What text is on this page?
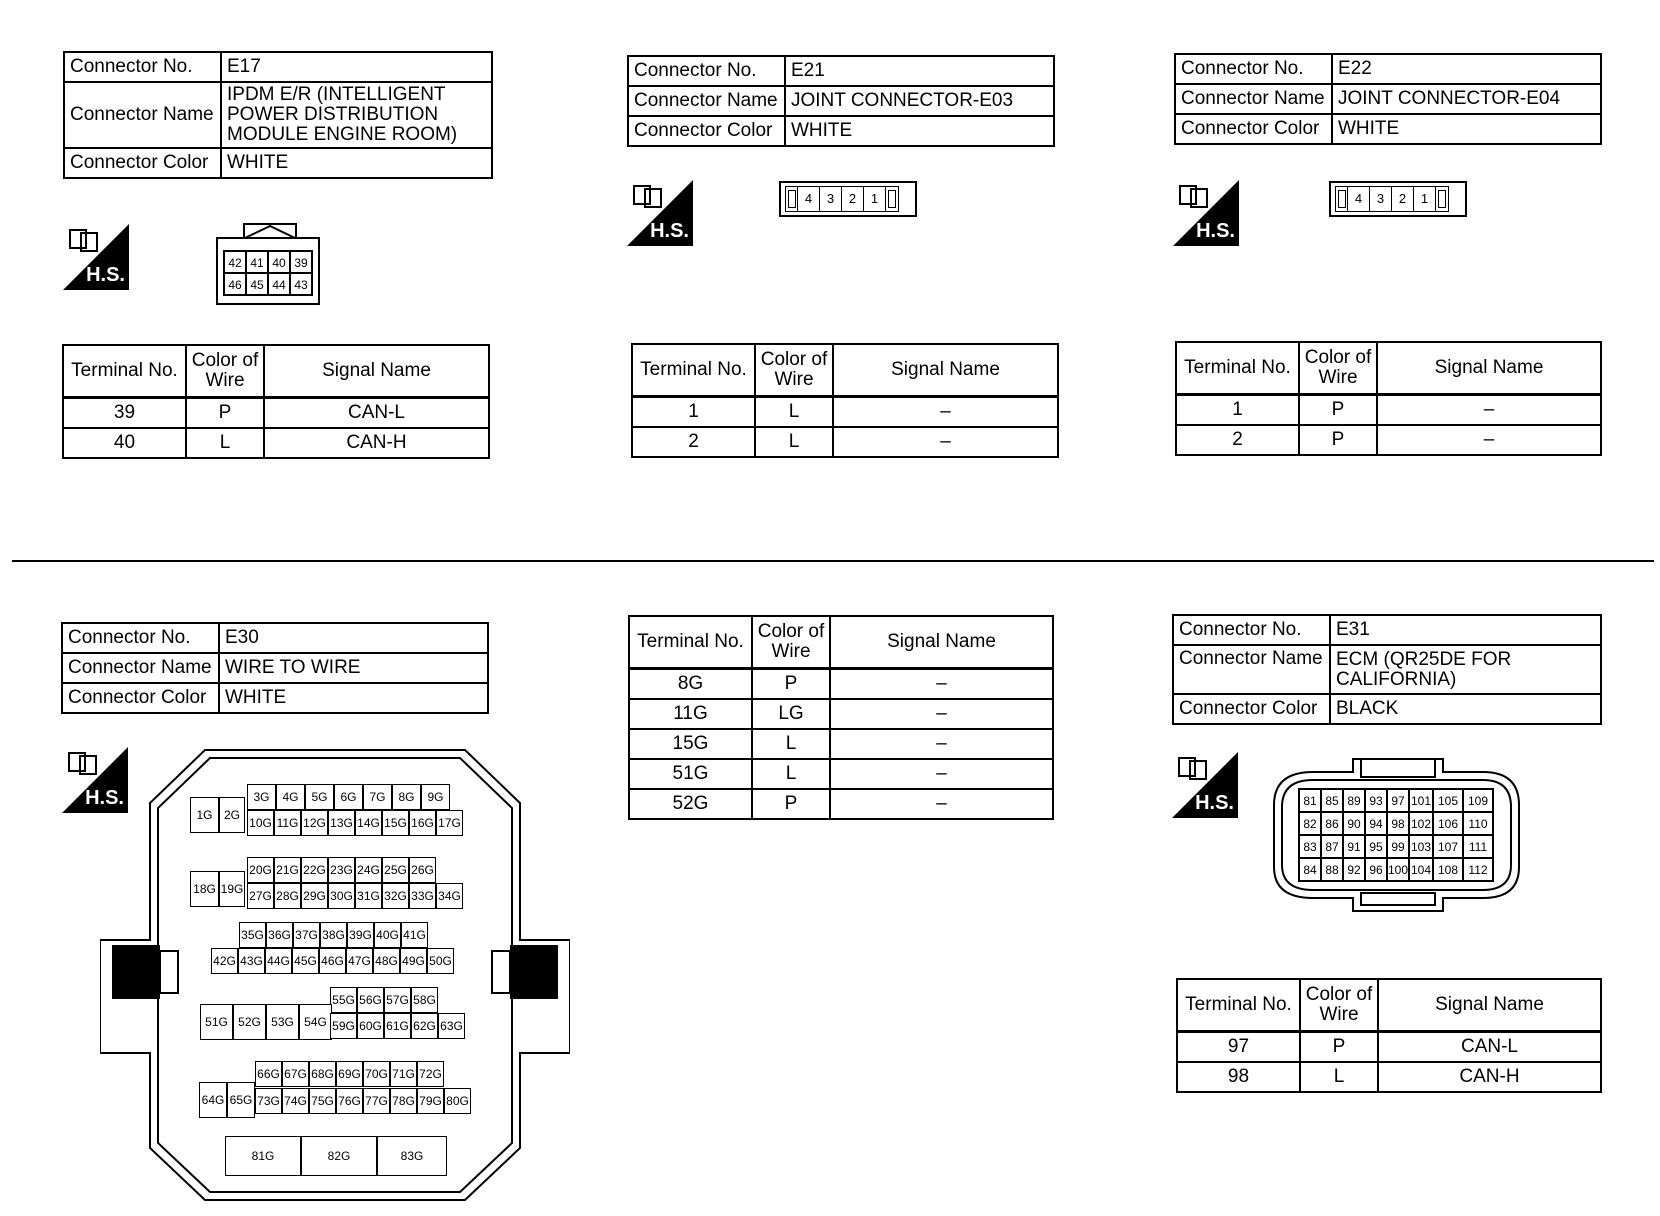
Connector No.	E17
Connector Name	IPDM E/R (INTELLIGENT
POWER DISTRIBUTION
MODULE ENGINE ROOM)

Connector Color	WHITE
H.S.
42 41 40 39
46 45 44 43
Terminal No.	Color of Wire	Signal Name
39	P	CAN-L
40	L	CAN-H
Connector No.	E21
Connector Name	JOINT CONNECTOR-E03
Connector Color	WHITE
H.S.
4	3	2	1
Terminal No.	Color of Wire	Signal Name
1	L	–
2	L	–
Connector No.	E22
Connector Name	JOINT CONNECTOR-E04
Connector Color	WHITE
H.S.
4	3	2	1
Terminal No.	Color of Wire	Signal Name
1	P	–
2	P	–
Connector No.	E30
Connector Name	WIRE TO WIRE
Connector Color	WHITE
H.S.	3G	4G	5G	6G	7G	8G	9G
1G 2G
10G 11G 12G 13G 14G 15G 16G 17G
20G 21G 22G 23G 24G 25G 26G
18G 19G 27G 28G 29G 30G 31G 32G 33G 34G
35G 36G 37G 38G 39G 40G 41G
42G 43G 44G 45G 46G 47G 48G 49G 50G
55G 56G 57G 58G
51G 52G 53G 54G 59G 60G 61G 62G 63G
66G 67G 68G 69G 70G 71G 72G
64G 65G 73G 74G 75G 76G 77G 78G 79G 80G
81G	82G	83G
Terminal No.	Color of Wire	Signal Name
8G	P	–
11G	LG	–
15G	L	–
51G	L	–
52G	P	–
Connector No.	E31
Connector Name	ECM (QR25DE FOR
CALIFORNIA)

Connector Color	BLACK
H.S.	81 85 89 93 97 101 105 109
82 86 90 94 98 102 106 110
83 87 91 95 99 103 107 111
84 88 92 96 100 104 108 112
Terminal No.	Color of Wire	Signal Name
97	P	CAN-L
98	L	CAN-H
